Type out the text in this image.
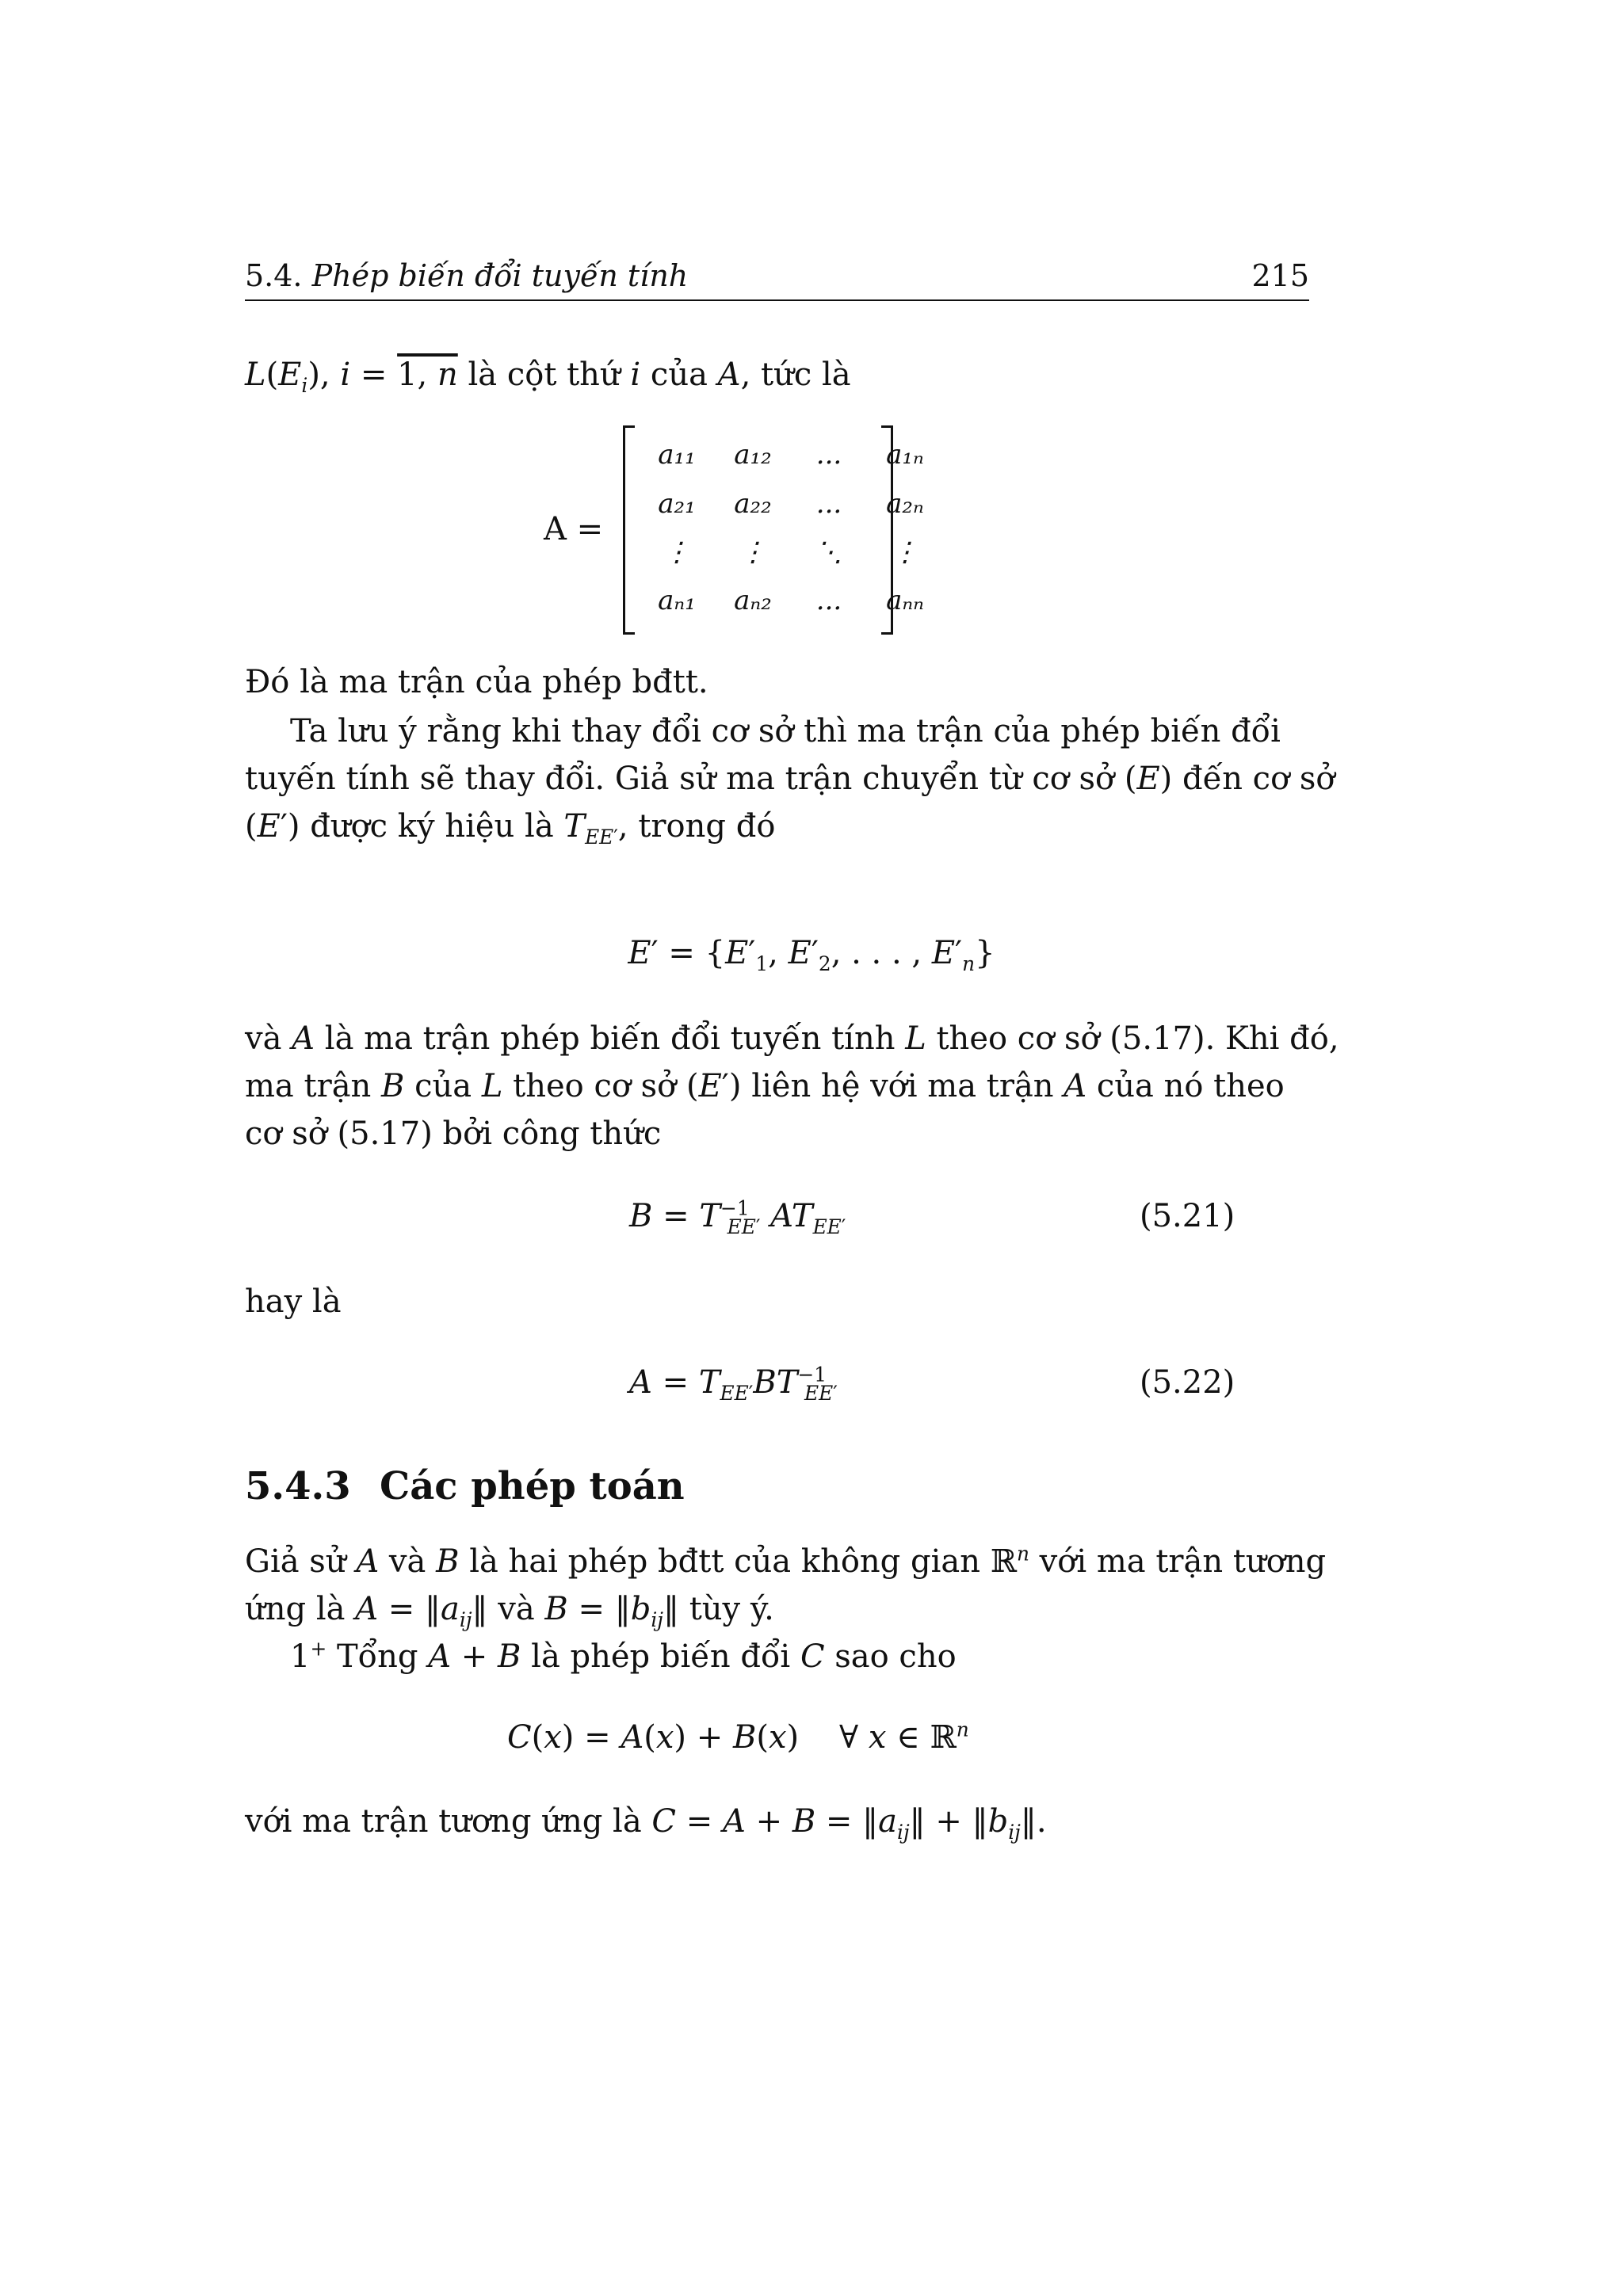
5.4. Phép biến đổi tuyến tính	215
$L(E_i)$, i = 1, n là cột thứ i của A, tức là
A =
a₁₁	a₁₂	...	a₁ₙ
a₂₁	a₂₂	...	a₂ₙ
⋮	⋮	⋱	⋮
aₙ₁	aₙ₂	...	aₙₙ
Đó là ma trận của phép bđtt.
Ta lưu ý rằng khi thay đổi cơ sở thì ma trận của phép biến đổi
tuyến tính sẽ thay đổi. Giả sử ma trận chuyển từ cơ sở (E) đến cơ sở
(E′) được ký hiệu là $T_{EE'}$, trong đó
$E' = \{E'_1$, $E'_2$, . . . , $E'_n$}
và A là ma trận phép biến đổi tuyến tính L theo cơ sở (5.17). Khi đó,
ma trận B của L theo cơ sở (E′) liên hệ với ma trận A của nó theo
cơ sở (5.17) bởi công thức
$B = T^{-1}_{EE'}$ $AT_{EE'}$	(5.21)
hay là
$A = T_{EE'}BT^{-1}_{EE'}$	(5.22)
5.4.3 Các phép toán
Giả sử A và B là hai phép bđtt của không gian ℝ$^n$ với ma trận tương
ứng là $A = ‖a_{ij}‖$ và $B = ‖b_{ij}‖$ tùy ý.
1+ Tổng A + B là phép biến đổi C sao cho
C(x) = A(x) + B(x)    ∀ x ∈ ℝ$^n$
với ma trận tương ứng là $C = A + B = ‖a_{ij}‖$ + $‖b_{ij}‖$.
